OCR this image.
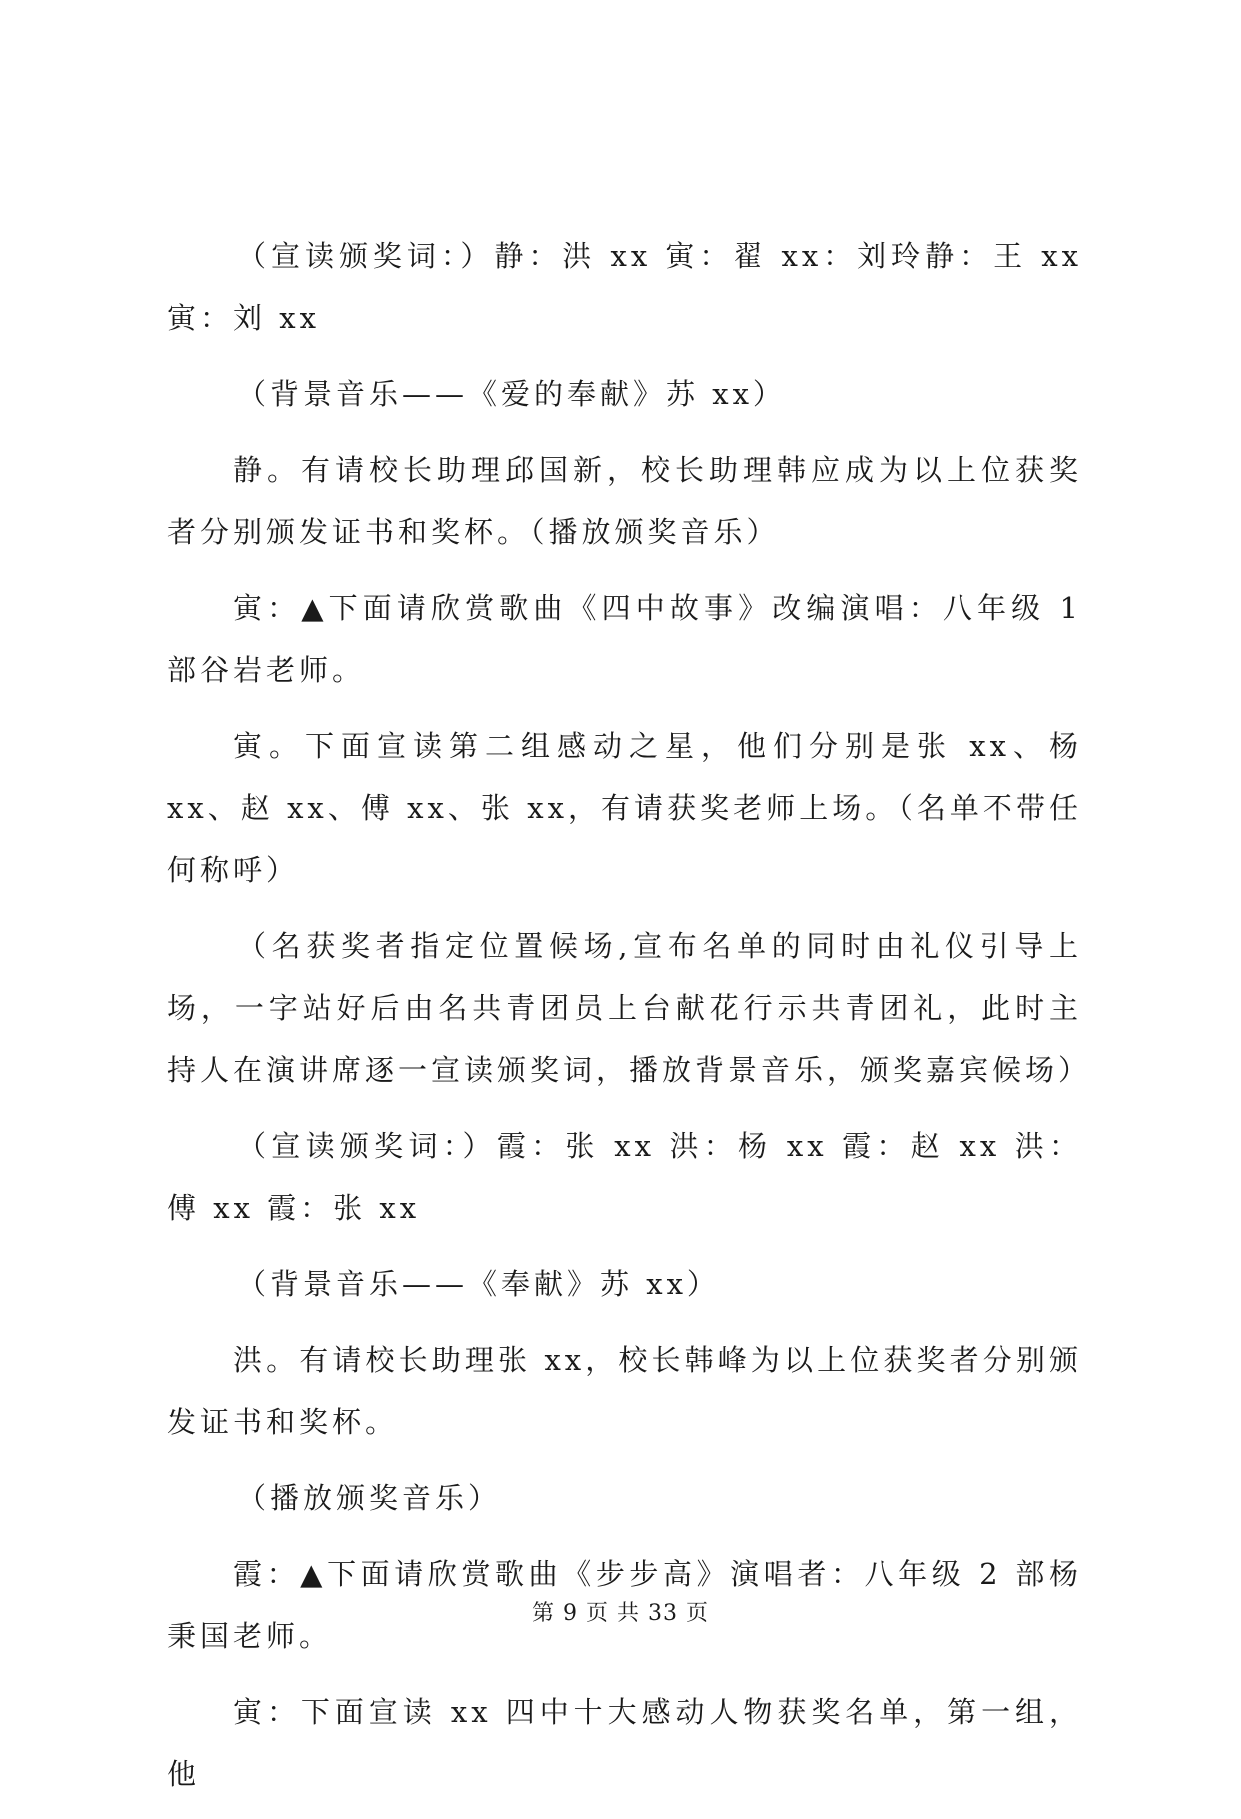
（宣读颁奖词：）静：洪 xx 寅：翟 xx：刘玲静：王 xx 寅：刘 xx

（背景音乐——《爱的奉献》苏 xx）

静。有请校长助理邱国新，校长助理韩应成为以上位获奖者分别颁发证书和奖杯。（播放颁奖音乐）

寅：▲下面请欣赏歌曲《四中故事》改编演唱：八年级 1 部谷岩老师。

寅。下面宣读第二组感动之星，他们分别是张 xx、杨 xx、赵 xx、傅 xx、张 xx，有请获奖老师上场。（名单不带任何称呼）

（名获奖者指定位置候场,宣布名单的同时由礼仪引导上场，一字站好后由名共青团员上台献花行示共青团礼，此时主持人在演讲席逐一宣读颁奖词，播放背景音乐，颁奖嘉宾候场）

（宣读颁奖词：）霞：张 xx 洪：杨 xx 霞：赵 xx 洪：傅 xx 霞：张 xx

（背景音乐——《奉献》苏 xx）

洪。有请校长助理张 xx，校长韩峰为以上位获奖者分别颁发证书和奖杯。

（播放颁奖音乐）

霞：▲下面请欣赏歌曲《步步高》演唱者：八年级 2 部杨秉国老师。

寅：下面宣读 xx 四中十大感动人物获奖名单，第一组，他

第 9 页 共 33 页
